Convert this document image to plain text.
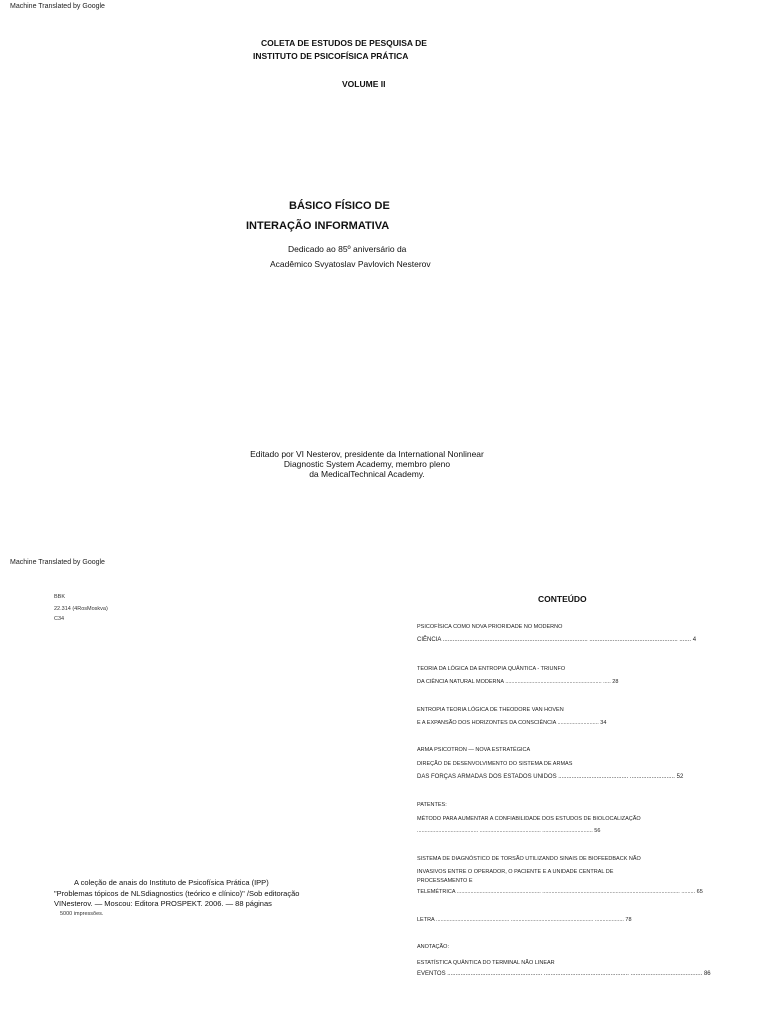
Machine Translated by Google
COLETA DE ESTUDOS DE PESQUISA DE
INSTITUTO DE PSICOFÍSICA PRÁTICA
VOLUME II
BÁSICO FÍSICO DE
INTERAÇÃO INFORMATIVA
Dedicado ao 85º aniversário da
Acadêmico Svyatoslav Pavlovich Nesterov
Editado por VI Nesterov, presidente da International Nonlinear
Diagnostic System Academy, membro pleno
da MedicalTechnical Academy.
Machine Translated by Google
BBK
22.314 (4RosMoskva)
C34
CONTEÚDO
PSICOFÍSICA COMO NOVA PRIORIDADE NO MODERNO
CIÊNCIA ....................................................................................... ..................................................... ....... 4
TEORIA DA LÓGICA DA ENTROPIA QUÂNTICA - TRIUNFO
DA CIÊNCIA NATURAL MODERNA ............................................................... ..... 28
ENTROPIA TEORIA LÓGICA DE THEODORE VAN HOVEN
E A EXPANSÃO DOS HORIZONTES DA CONSCIÊNCIA ........................... 34
ARMA PSICOTRON — NOVA ESTRATÉGICA
DIREÇÃO DE DESENVOLVIMENTO DO SISTEMA DE ARMAS
DAS FORÇAS ARMADAS DOS ESTADOS UNIDOS .......................................... ........................... 52
PATENTES:
MÉTODO PARA AUMENTAR A CONFIABILIDADE DOS ESTUDOS DE BIOLOCALIZAÇÃO
........................................ ........................................ ................................. 56
SISTEMA DE DIAGNÓSTICO DE TORSÃO UTILIZANDO SINAIS DE BIOFEEDBACK NÃO
INVASIVOS ENTRE O OPERADOR, O PACIENTE E A UNIDADE CENTRAL DE
PROCESSAMENTO E
TELEMÉTRICA ....................................................... .......................................................................................... ......... 65
LETRA ................................................ ...................................................... ................... 78
ANOTAÇÃO:
ESTATÍSTICA QUÂNTICA DO TERMINAL NÃO LINEAR
EVENTOS ......................................................... ................................................... ........................................... 86
A coleção de anais do Instituto de Psicofísica Prática (IPP)
"Problemas tópicos de NLSdiagnostics (teórico e clínico)" /Sob editoração
VINesterov. — Moscou: Editora PROSPEKT. 2006. — 88 páginas
5000 impressões.
